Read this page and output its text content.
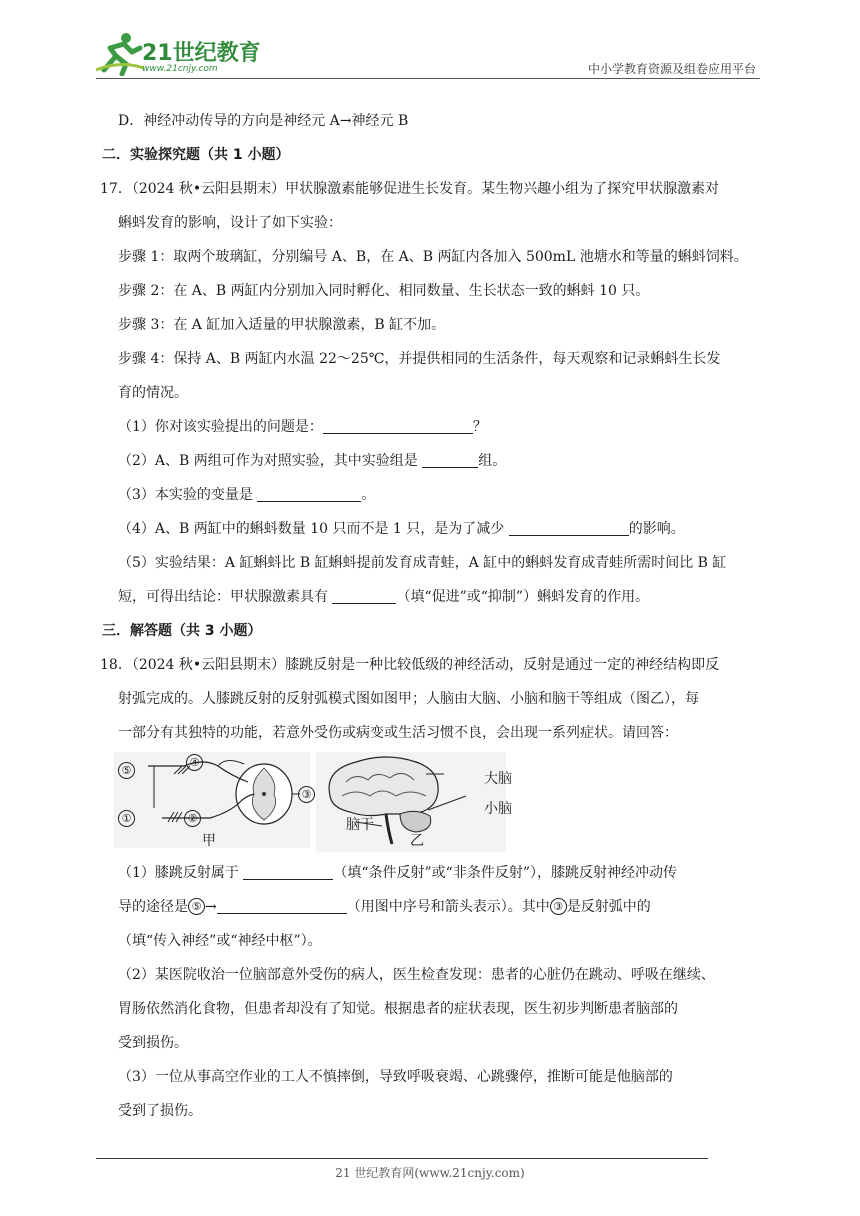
21世纪教育
www.21cnjy.com	中小学教育资源及组卷应用平台
D．神经冲动传导的方向是神经元 A→神经元 B
二．实验探究题（共 1 小题）
17．（2024 秋•云阳县期末）甲状腺激素能够促进生长发育。某生物兴趣小组为了探究甲状腺激素对
蝌蚪发育的影响，设计了如下实验：
步骤 1：取两个玻璃缸，分别编号 A、B，在 A、B 两缸内各加入 500mL 池塘水和等量的蝌蚪饲料。
步骤 2：在 A、B 两缸内分别加入同时孵化、相同数量、生长状态一致的蝌蚪 10 只。
步骤 3：在 A 缸加入适量的甲状腺激素，B 缸不加。
步骤 4：保持 A、B 两缸内水温 22～25℃，并提供相同的生活条件，每天观察和记录蝌蚪生长发
育的情况。
（1）你对该实验提出的问题是：	？
（2）A、B 两组可作为对照实验，其中实验组是	组。
（3）本实验的变量是	。
（4）A、B 两缸中的蝌蚪数量 10 只而不是 1 只，是为了减少	的影响。
（5）实验结果：A 缸蝌蚪比 B 缸蝌蚪提前发育成青蛙，A 缸中的蝌蚪发育成青蛙所需时间比 B 缸
短，可得出结论：甲状腺激素具有	（填“促进”或“抑制”）蝌蚪发育的作用。
三．解答题（共 3 小题）
18．（2024 秋•云阳县期末）膝跳反射是一种比较低级的神经活动，反射是通过一定的神经结构即反
射弧完成的。人膝跳反射的反射弧模式图如图甲；人脑由大脑、小脑和脑干等组成（图乙），每
一部分有其独特的功能，若意外受伤或病变或生活习惯不良，会出现一系列症状。请回答：
⑤
④
①	②
③
甲
大脑
小脑
脑干
乙
（1）膝跳反射属于	（填“条件反射”或“非条件反射”），膝跳反射神经冲动传
导的途径是 ⑤ →	（用图中序号和箭头表示）。其中 ③ 是反射弧中的
（填“传入神经”或“神经中枢”）。
（2）某医院收治一位脑部意外受伤的病人，医生检查发现：患者的心脏仍在跳动、呼吸在继续、
胃肠依然消化食物，但患者却没有了知觉。根据患者的症状表现，医生初步判断患者脑部的
受到损伤。
（3）一位从事高空作业的工人不慎摔倒，导致呼吸衰竭、心跳骤停，推断可能是他脑部的
受到了损伤。
21 世纪教育网(www.21cnjy.com)
